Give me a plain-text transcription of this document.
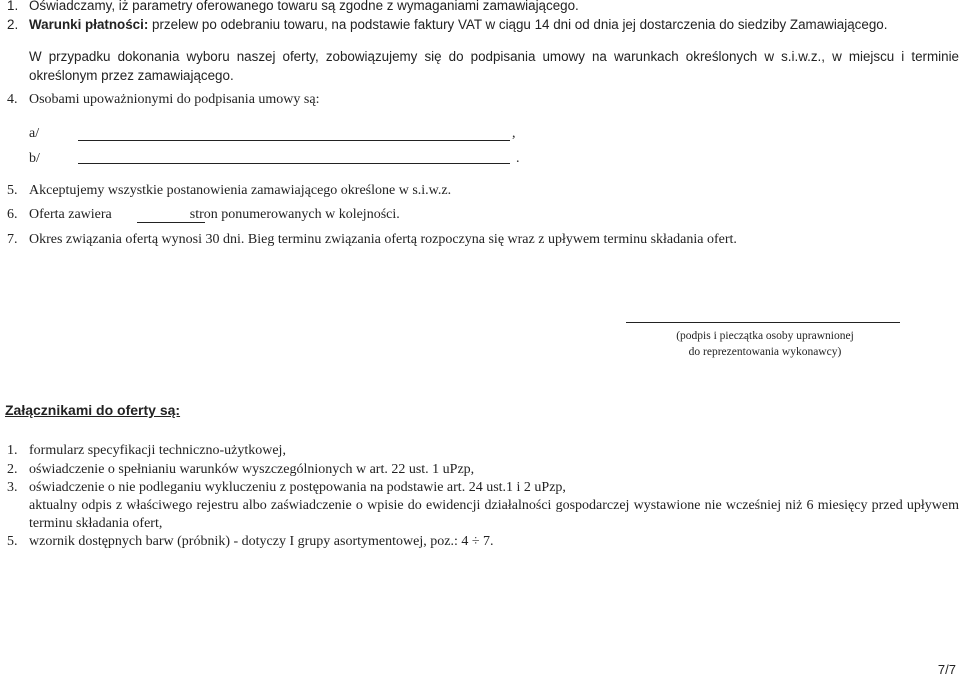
1. Oświadczamy, iż parametry oferowanego towaru są zgodne z wymaganiami zamawiającego.
2. Warunki płatności: przelew po odebraniu towaru, na podstawie faktury VAT w ciągu 14 dni od dnia jej dostarczenia do siedziby Zamawiającego.
W przypadku dokonania wyboru naszej oferty, zobowiązujemy się do podpisania umowy na warunkach określonych w s.i.w.z., w miejscu i terminie określonym przez zamawiającego.
4. Osobami upoważnionymi do podpisania umowy są:
a/	,
b/	.
5. Akceptujemy wszystkie postanowienia zamawiającego określone w s.i.w.z.
6. Oferta zawiera	stron ponumerowanych w kolejności.
7. Okres związania ofertą wynosi 30 dni. Bieg terminu związania ofertą rozpoczyna się wraz z upływem terminu składania ofert.
(podpis i pieczątka osoby uprawnionej
do reprezentowania wykonawcy)
Załącznikami do oferty są:
1. formularz specyfikacji techniczno-użytkowej,
2. oświadczenie o spełnianiu warunków wyszczególnionych w art. 22 ust. 1 uPzp,
3. oświadczenie o nie podleganiu wykluczeniu z postępowania na podstawie art. 24 ust.1 i 2 uPzp,
aktualny odpis z właściwego rejestru albo zaświadczenie o wpisie do ewidencji działalności gospodarczej wystawione nie wcześniej niż 6 miesięcy przed upływem terminu składania ofert,
5. wzornik dostępnych barw (próbnik) - dotyczy I grupy asortymentowej, poz.: 4 ÷ 7.
7/7
